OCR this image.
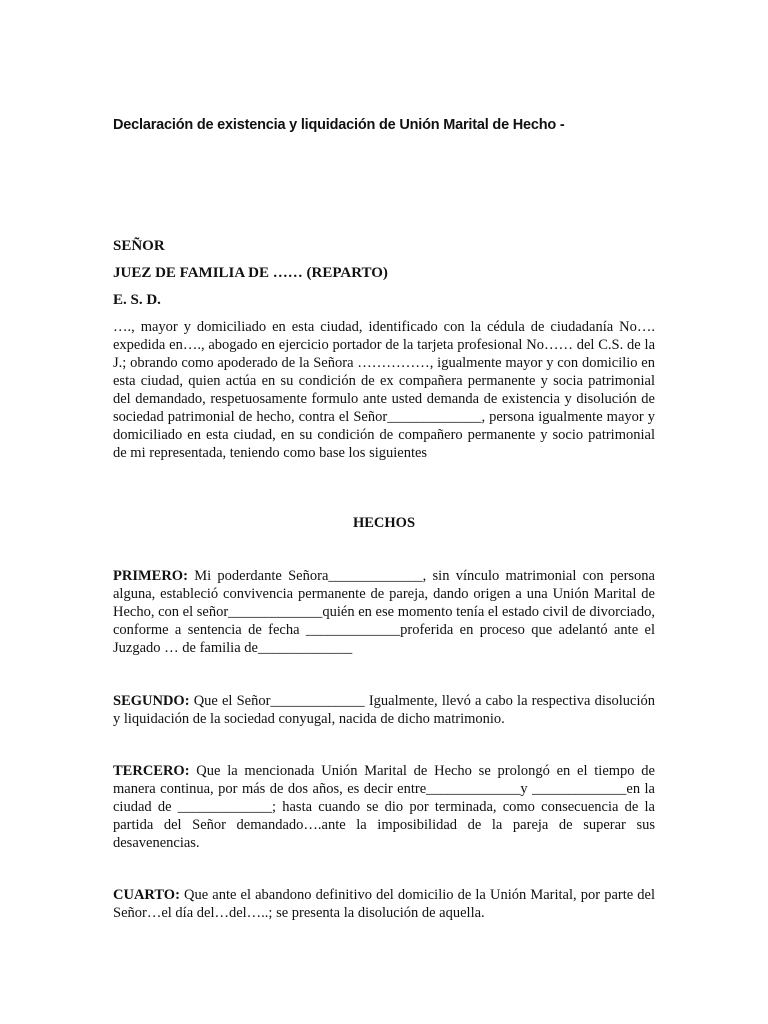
Declaración de existencia y liquidación de Unión Marital de Hecho -
SEÑOR
JUEZ DE FAMILIA DE …… (REPARTO)
E. S. D.
…., mayor y domiciliado en esta ciudad, identificado con la cédula de ciudadanía No…. expedida en…., abogado en ejercicio portador de la tarjeta profesional No…… del C.S. de la J.; obrando como apoderado de la Señora ……………, igualmente mayor y con domicilio en esta ciudad, quien actúa en su condición de ex compañera permanente y socia patrimonial del demandado, respetuosamente formulo ante usted demanda de existencia y disolución de sociedad patrimonial de hecho, contra el Señor_____________, persona igualmente mayor y domiciliado en esta ciudad, en su condición de compañero permanente y socio patrimonial de mi representada, teniendo como base los siguientes
HECHOS
PRIMERO: Mi poderdante Señora_____________, sin vínculo matrimonial con persona alguna, estableció convivencia permanente de pareja, dando origen a una Unión Marital de Hecho, con el señor_____________quién en ese momento tenía el estado civil de divorciado, conforme a sentencia de fecha _____________proferida en proceso que adelantó ante el Juzgado … de familia de_____________
SEGUNDO: Que el Señor_____________ Igualmente, llevó a cabo la respectiva disolución y liquidación de la sociedad conyugal, nacida de dicho matrimonio.
TERCERO: Que la mencionada Unión Marital de Hecho se prolongó en el tiempo de manera continua, por más de dos años, es decir entre_____________y _____________en la ciudad de _____________; hasta cuando se dio por terminada, como consecuencia de la partida del Señor demandado….ante la imposibilidad de la pareja de superar sus desavenencias.
CUARTO: Que ante el abandono definitivo del domicilio de la Unión Marital, por parte del Señor…el día del…del…..; se presenta la disolución de aquella.
